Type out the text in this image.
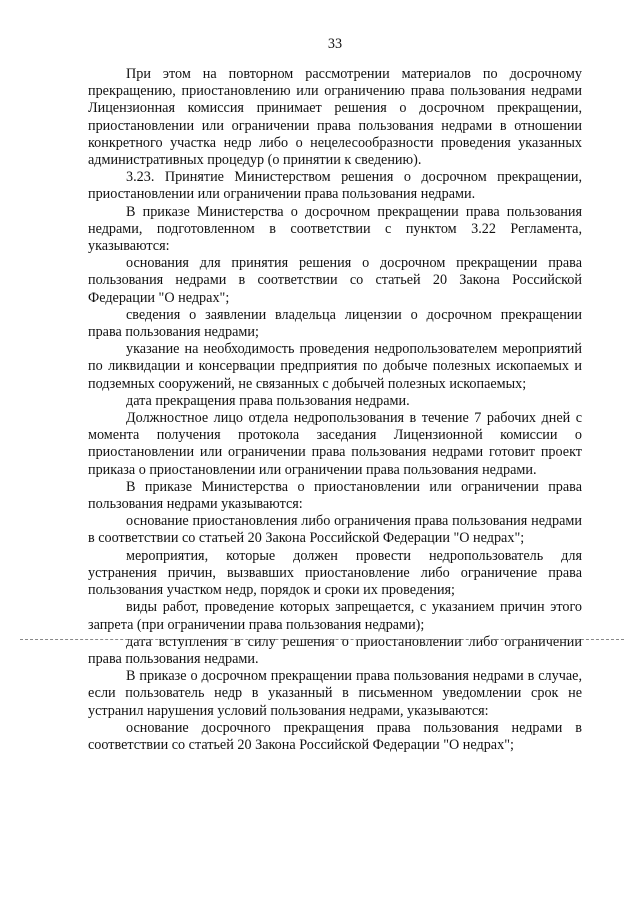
33

При этом на повторном рассмотрении материалов по досрочному прекращению, приостановлению или ограничению права пользования недрами Лицензионная комиссия принимает решения о досрочном прекращении, приостановлении или ограничении права пользования недрами в отношении конкретного участка недр либо о нецелесообразности проведения указанных административных процедур (о принятии к сведению).

3.23. Принятие Министерством решения о досрочном прекращении, приостановлении или ограничении права пользования недрами.

В приказе Министерства о досрочном прекращении права пользования недрами, подготовленном в соответствии с пунктом 3.22 Регламента, указываются:

основания для принятия решения о досрочном прекращении права пользования недрами в соответствии со статьей 20 Закона Российской Федерации "О недрах";

сведения о заявлении владельца лицензии о досрочном прекращении права пользования недрами;

указание на необходимость проведения недропользователем мероприятий по ликвидации и консервации предприятия по добыче полезных ископаемых и подземных сооружений, не связанных с добычей полезных ископаемых;

дата прекращения права пользования недрами.

Должностное лицо отдела недропользования в течение 7 рабочих дней с момента получения протокола заседания Лицензионной комиссии о приостановлении или ограничении права пользования недрами готовит проект приказа о приостановлении или ограничении права пользования недрами.

В приказе Министерства о приостановлении или ограничении права пользования недрами указываются:

основание приостановления либо ограничения права пользования недрами в соответствии со статьей 20 Закона Российской Федерации "О недрах";

мероприятия, которые должен провести недропользователь для устранения причин, вызвавших приостановление либо ограничение права пользования участком недр, порядок и сроки их проведения;

виды работ, проведение которых запрещается, с указанием причин этого запрета (при ограничении права пользования недрами);

дата вступления в силу решения о приостановлении либо ограничении права пользования недрами.

В приказе о досрочном прекращении права пользования недрами в случае, если пользователь недр в указанный в письменном уведомлении срок не устранил нарушения условий пользования недрами, указываются:

основание досрочного прекращения права пользования недрами в соответствии со статьей 20 Закона Российской Федерации "О недрах";
